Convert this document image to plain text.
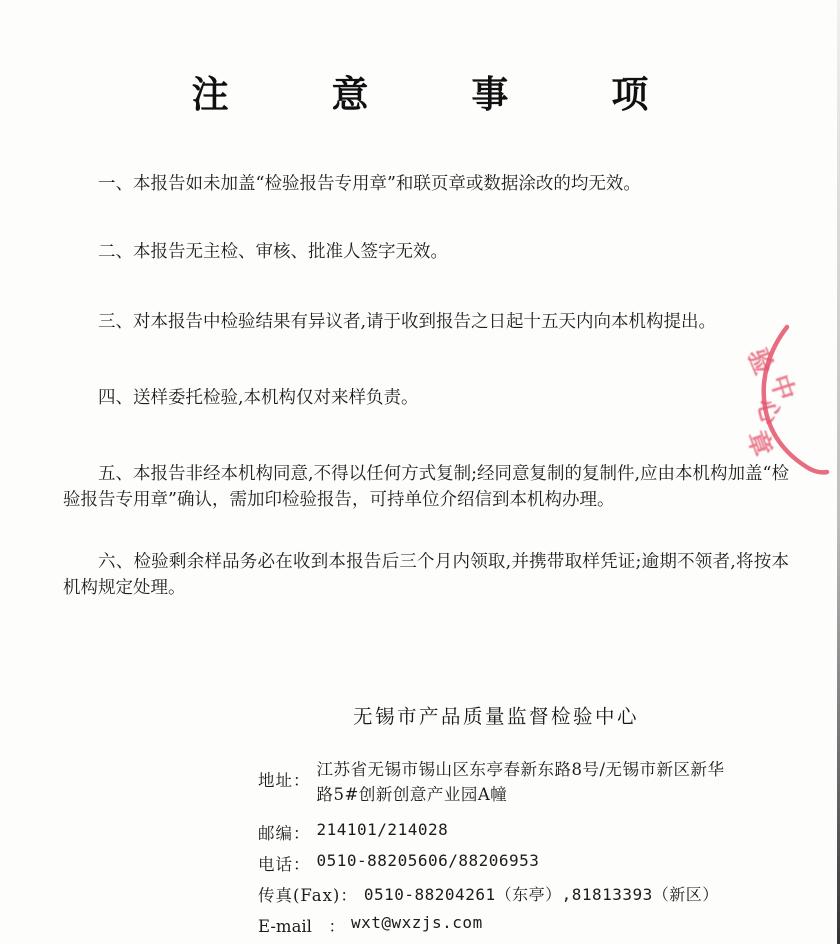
注 意 事 项

一、本报告如未加盖“检验报告专用章”和联页章或数据涂改的均无效。

二、本报告无主检、审核、批准人签字无效。

三、对本报告中检验结果有异议者,请于收到报告之日起十五天内向本机构提出。

四、送样委托检验,本机构仅对来样负责。

五、本报告非经本机构同意,不得以任何方式复制;经同意复制的复制件,应由本机构加盖“检验报告专用章”确认，需加印检验报告，可持单位介绍信到本机构办理。

六、检验剩余样品务必在收到本报告后三个月内领取,并携带取样凭证;逾期不领者,将按本机构规定处理。

验
中
心
章
无锡市产品质量监督检验中心
地址：
江苏省无锡市锡山区东亭春新东路8号/无锡市新区新华路5#创新创意产业园A幢
邮编： 214101/214028
电话： 0510-88205606/88206953
传真(Fax)： 0510-88204261（东亭）,81813393（新区）
E-mail　： wxt@wxzjs.com
